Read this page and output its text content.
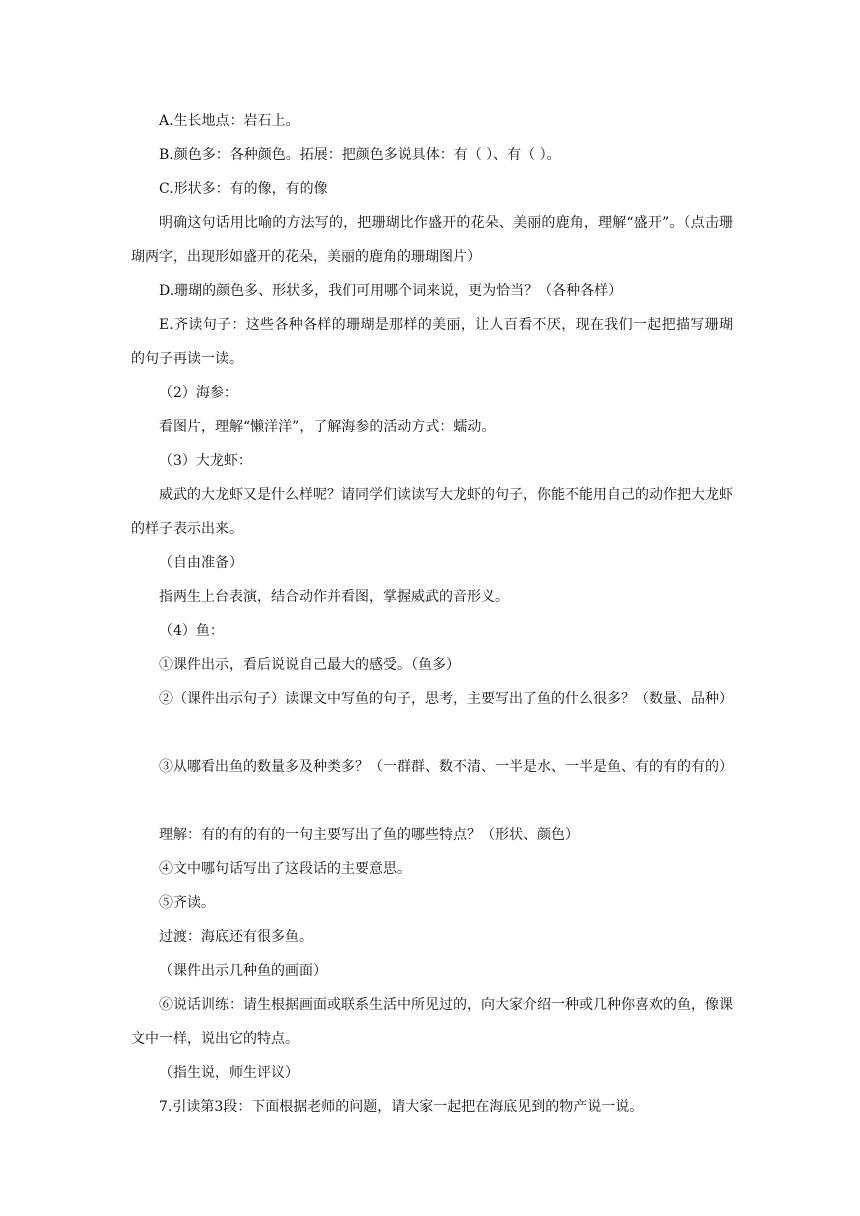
A.生长地点：岩石上。
B.颜色多：各种颜色。拓展：把颜色多说具体：有（ ）、有（ ）。
C.形状多：有的像，有的像
明确这句话用比喻的方法写的，把珊瑚比作盛开的花朵、美丽的鹿角，理解“盛开”。（点击珊瑚两字，出现形如盛开的花朵，美丽的鹿角的珊瑚图片）
D.珊瑚的颜色多、形状多，我们可用哪个词来说，更为恰当？（各种各样）
E.齐读句子：这些各种各样的珊瑚是那样的美丽，让人百看不厌，现在我们一起把描写珊瑚的句子再读一读。
（2）海参：
看图片，理解“懒洋洋”，了解海参的活动方式：蠕动。
（3）大龙虾：
威武的大龙虾又是什么样呢？请同学们读读写大龙虾的句子，你能不能用自己的动作把大龙虾的样子表示出来。
（自由准备）
指两生上台表演，结合动作并看图，掌握威武的音形义。
（4）鱼：
①课件出示，看后说说自己最大的感受。（鱼多）
②（课件出示句子）读课文中写鱼的句子，思考，主要写出了鱼的什么很多？（数量、品种）
③从哪看出鱼的数量多及种类多？（一群群、数不清、一半是水、一半是鱼、有的有的有的）
理解：有的有的有的一句主要写出了鱼的哪些特点？（形状、颜色）
④文中哪句话写出了这段话的主要意思。
⑤齐读。
过渡：海底还有很多鱼。
（课件出示几种鱼的画面）
⑥说话训练：请生根据画面或联系生活中所见过的，向大家介绍一种或几种你喜欢的鱼，像课文中一样，说出它的特点。
（指生说，师生评议）
7.引读第3段：下面根据老师的问题，请大家一起把在海底见到的物产说一说。
